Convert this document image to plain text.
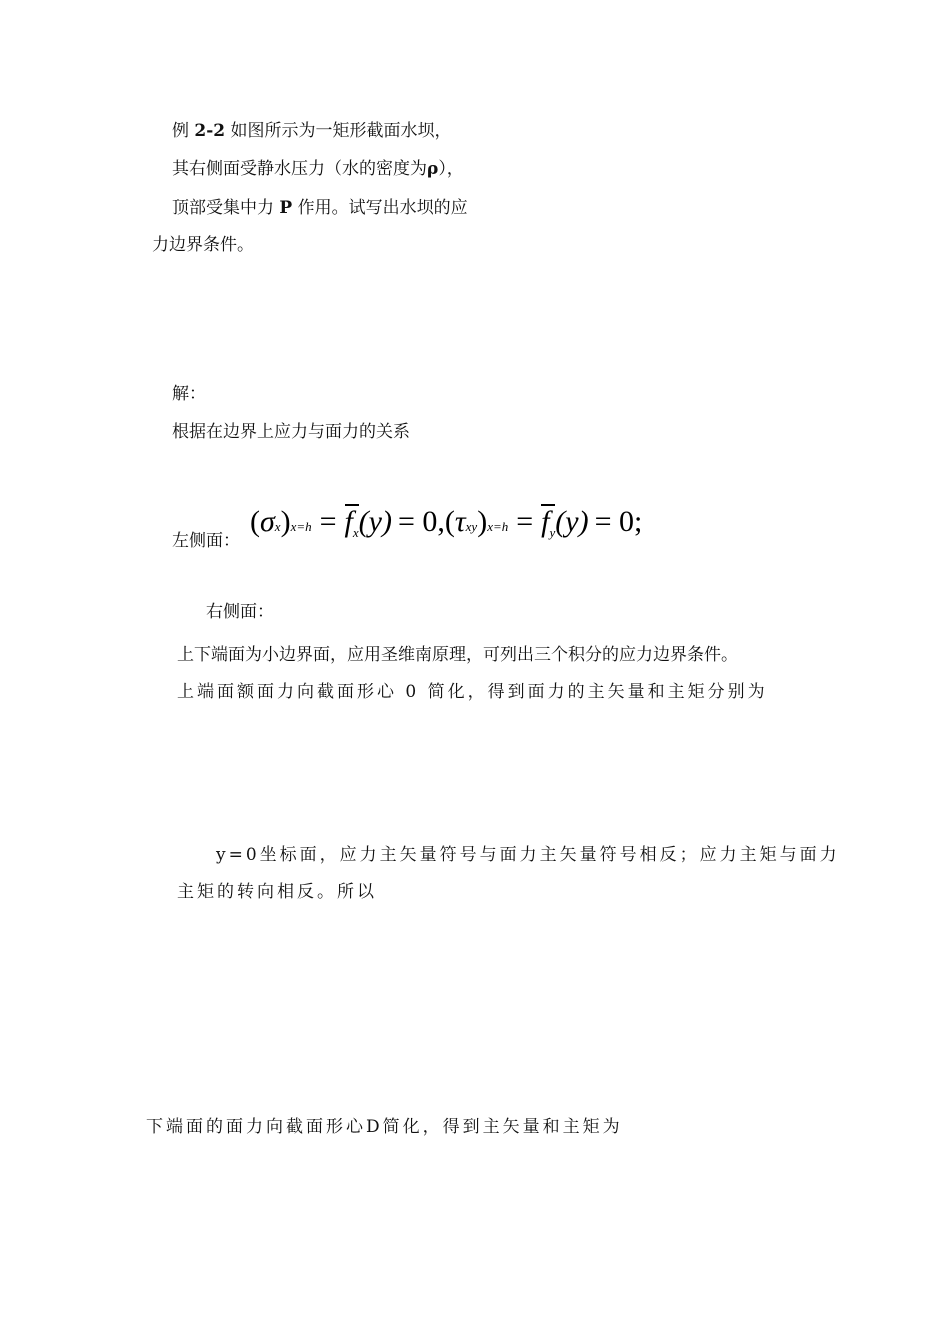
例 2-2 如图所示为一矩形截面水坝，
其右侧面受静水压力（水的密度为ρ），
顶部受集中力 P 作用。试写出水坝的应
力边界条件。
解：
根据在边界上应力与面力的关系
左侧面：
( σ x ) $x=h = f_x$ (y) = 0 , ( τ xy ) $x=h = f_y$ (y) = 0 ;
右侧面：
上下端面为小边界面，应用圣维南原理，可列出三个积分的应力边界条件。
上端面额面力向截面形心 0 简化，得到面力的主矢量和主矩分别为
y=0坐标面，应力主矢量符号与面力主矢量符号相反；应力主矩与面力
主矩的转向相反。所以
下端面的面力向截面形心D简化，得到主矢量和主矩为
